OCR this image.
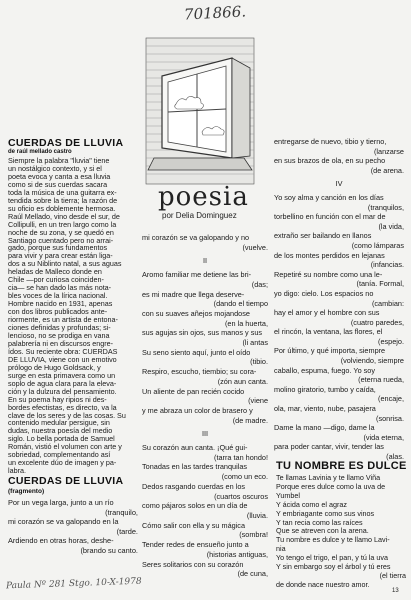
701866.
poesia
por Delia Dominguez
CUERDAS DE LLUVIA
de raúl mellado castro
Siempre la palabra "lluvia" tiene
un nostálgico contexto, y si el
poeta evoca y canta a esa lluvia
como si de sus cuerdas sacara
toda la música de una guitarra ex-
tendida sobre la tierra; la razón de
su oficio es doblemente hermosa.
Raúl Mellado, vino desde el sur, de
Collipulli, en un tren largo como la
noche de su zona, y se quedó en
Santiago cuentado pero no arrai-
gado, porque sus fundamentos
para vivir y para crear están liga-
dos a su Niblinto natal, a sus aguas
heladas de Malleco donde en
Chile —por curiosa coinciden-
cia— se han dado las más nota-
bles voces de la lírica nacional.
Hombre nacido en 1931, apenas
con dos libros publicados ante-
riormente, es un artista de entona-
ciones definidas y profundas; si-
lencioso, no se prodiga en vana
palabrería ni en discursos engre-
ídos. Su reciente obra: CUERDAS
DE LLUVIA, viene con un emotivo
prólogo de Hugo Goldsack, y
surge en esta primavera como un
soplo de agua clara para la eleva-
ción y la dulzura del pensamiento.
En su poema hay ripios ni des-
bordes efectistas, es directo, va la
clave de los seres y de las cosas. Su
contenido medular persigue, sin
dudas, nuestra poesía del medio
siglo. Lo bella portada de Samuel
Román, vistió el volumen con arte y
sobriedad, complementando así
un excelente dúo de imagen y pa-
labra.
CUERDAS DE LLUVIA
(fragmento)
Por un vega larga, junto a un río
(tranquilo,
mi corazón se va galopando en la
(tarde.
Ardiendo en otras horas, deshe-
(brando su canto.
mi corazón se va galopando y no
(vuelve.
II
Aromo familiar me detiene las bri-
(das;
es mi madre que llega deserve-
(dando el tiempo
con su suaves añejos mojandose
(en la huerta,
sus agujas sin ojos, sus manos y sus
(li antas
Su seno siento aquí, junto el oído
(tibio.
Respiro, escucho, tiembio; su cora-
(zón aun canta.
Un aliente de pan recién cocido
(viene
y me abraza un color de brasero y
(de madre.
III
Su corazón aun canta. ¡Qué gui-
(tarra tan hondo!
Tonadas en las tardes tranquilas
(como un eco.
Dedos rasgando cuerdas en los
(cuartos oscuros
como pájaros solos en un día de
(lluvia.
Cómo salir con ella y su mágica
(sombra!
Tender redes de ensueño junto a
(historias antiguas,
Seres solitarios con su corazón
(de cuna,
entregarse de nuevo, tibio y tierno,
(lanzarse
en sus brazos de ola, en su pecho
(de arena.
IV
Yo soy alma y canción en los días
(tranquilos,
torbellino en función con el mar de
(la vida,
extraño ser bailando en llanos
(como lámparas
de los montes perdidos en lejanas
(infancias.
Repetiré su nombre como una le-
(tanía. Formal,
yo digo: cielo. Los espacios no
(cambian:
hay el amor y el hombre con sus
(cuatro paredes,
el rincón, la ventana, las flores, el
(espejo.
Por último, y qué importa, siempre
(volviendo, siempre
caballo, espuma, fuego. Yo soy
(eterna rueda,
molino giratorio, tumbo y caída,
(encaje,
ola, mar, viento, nube, pasajera
(sonrisa.
Dame la mano —digo, dame la
(vida eterna,
para poder cantar, vivir, tender las
(alas.
TU NOMBRE ES DULCE
Te llamas Lavinia y te llamo Viña
Porque eres dulce como la uva de
Yumbel
Y ácida como el agraz
Y embriagante como sus vinos
Y tan recia como las raíces
Que se atreven con la arena.
Tu nombre es dulce y te llamo Lavi-
nia
Yo tengo el trigo, el pan, y tú la uva
Y sin embargo soy el árbol y tú eres
(el tierra
de donde nace nuestro amor.
Paula Nº 281 Stgo. 10-X-1978	13
